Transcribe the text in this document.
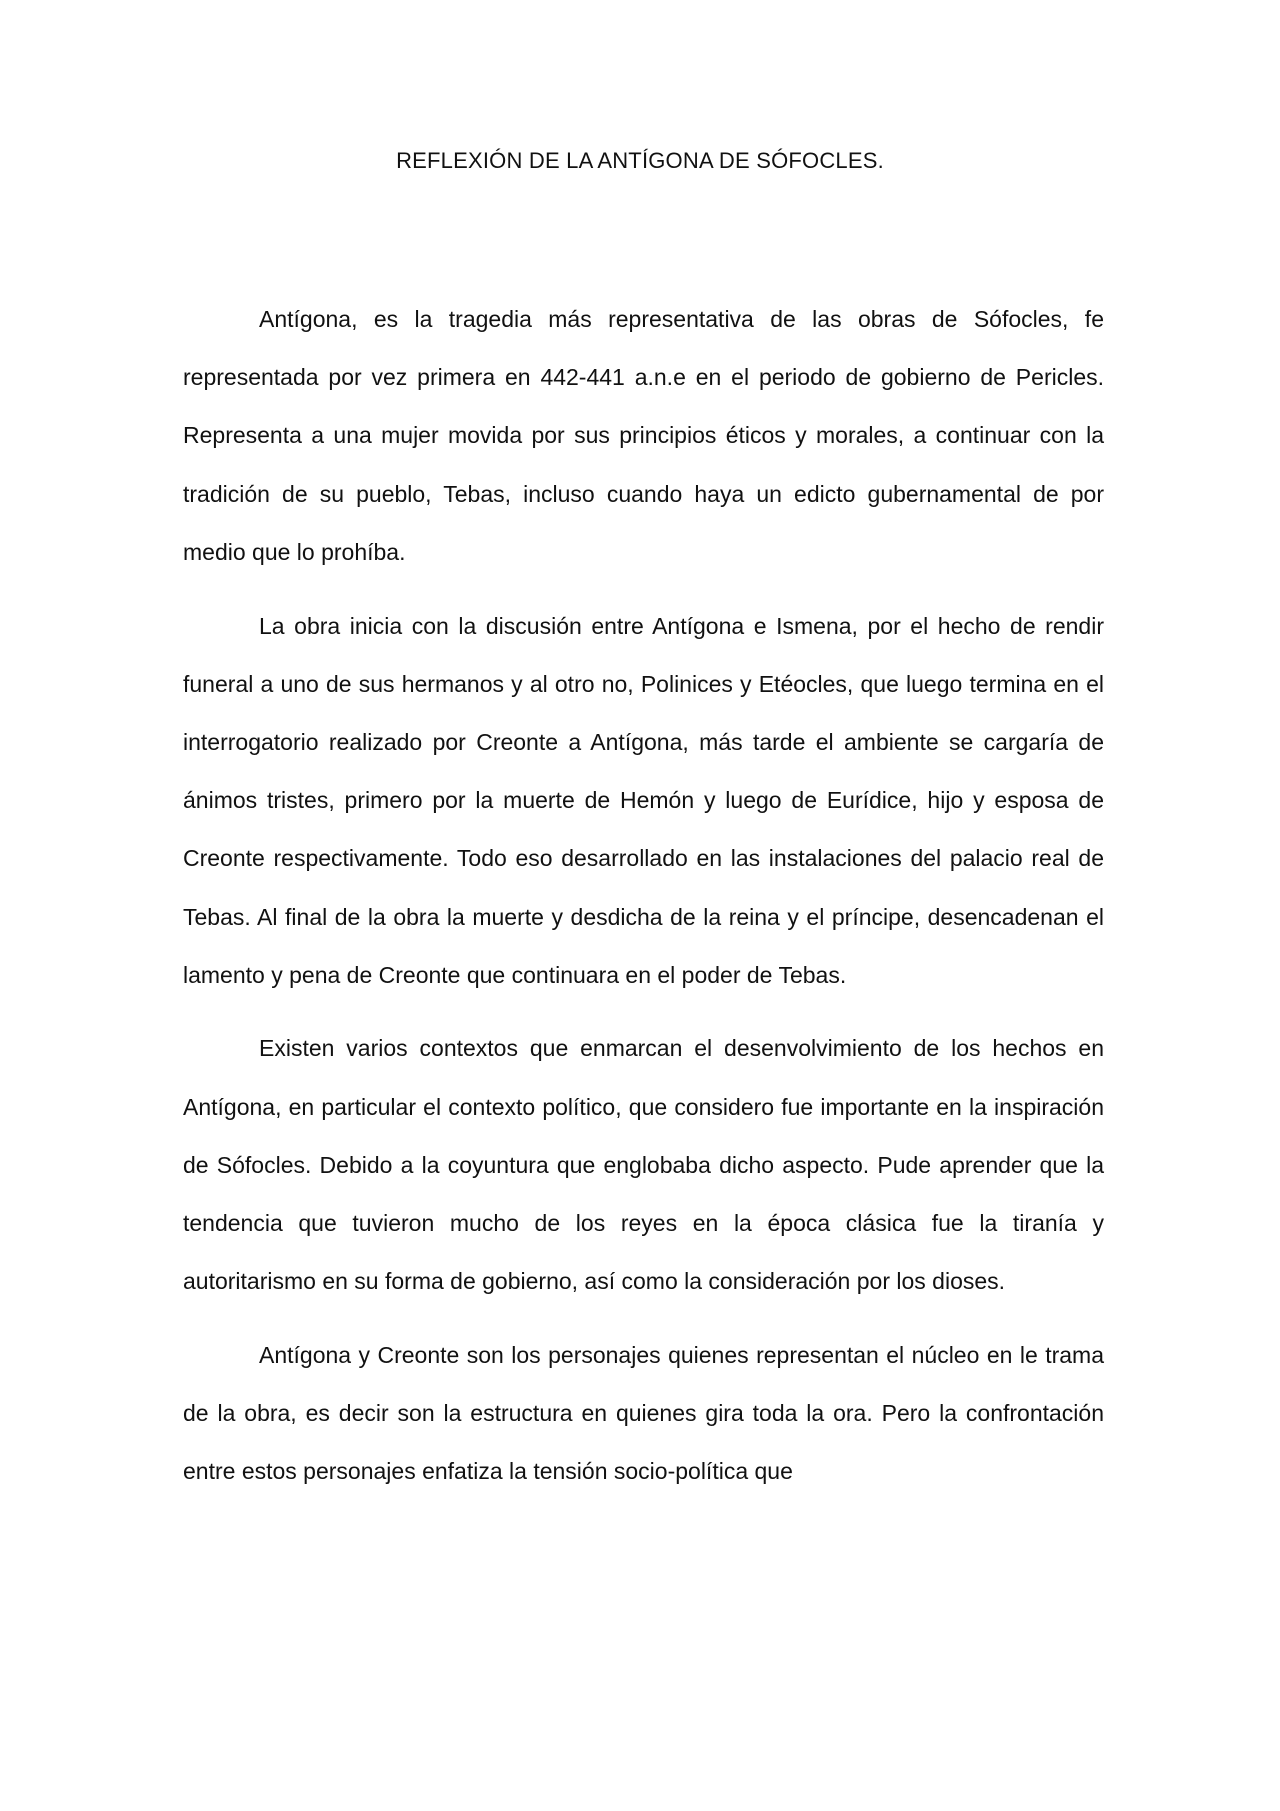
REFLEXIÓN DE LA ANTÍGONA DE SÓFOCLES.

Antígona, es la tragedia más representativa de las obras de Sófocles, fe representada por vez primera en 442-441 a.n.e en el periodo de gobierno de Pericles. Representa a una mujer movida por sus principios éticos y morales, a continuar con la tradición de su pueblo, Tebas, incluso cuando haya un edicto gubernamental de por medio que lo prohíba.

La obra inicia con la discusión entre Antígona e Ismena, por el hecho de rendir funeral a uno de sus hermanos y al otro no, Polinices y Etéocles, que luego termina en el interrogatorio realizado por Creonte a Antígona, más tarde el ambiente se cargaría de ánimos tristes, primero por la muerte de Hemón y luego de Eurídice, hijo y esposa de Creonte respectivamente. Todo eso desarrollado en las instalaciones del palacio real de Tebas. Al final de la obra la muerte y desdicha de la reina y el príncipe, desencadenan el lamento y pena de Creonte que continuara en el poder de Tebas.

Existen varios contextos que enmarcan el desenvolvimiento de los hechos en Antígona, en particular el contexto político, que considero fue importante en la inspiración de Sófocles. Debido a la coyuntura que englobaba dicho aspecto. Pude aprender que la tendencia que tuvieron mucho de los reyes en la época clásica fue la tiranía y autoritarismo en su forma de gobierno, así como la consideración por los dioses.

Antígona y Creonte son los personajes quienes representan el núcleo en le trama de la obra, es decir son la estructura en quienes gira toda la ora. Pero la confrontación entre estos personajes enfatiza la tensión socio-política que
